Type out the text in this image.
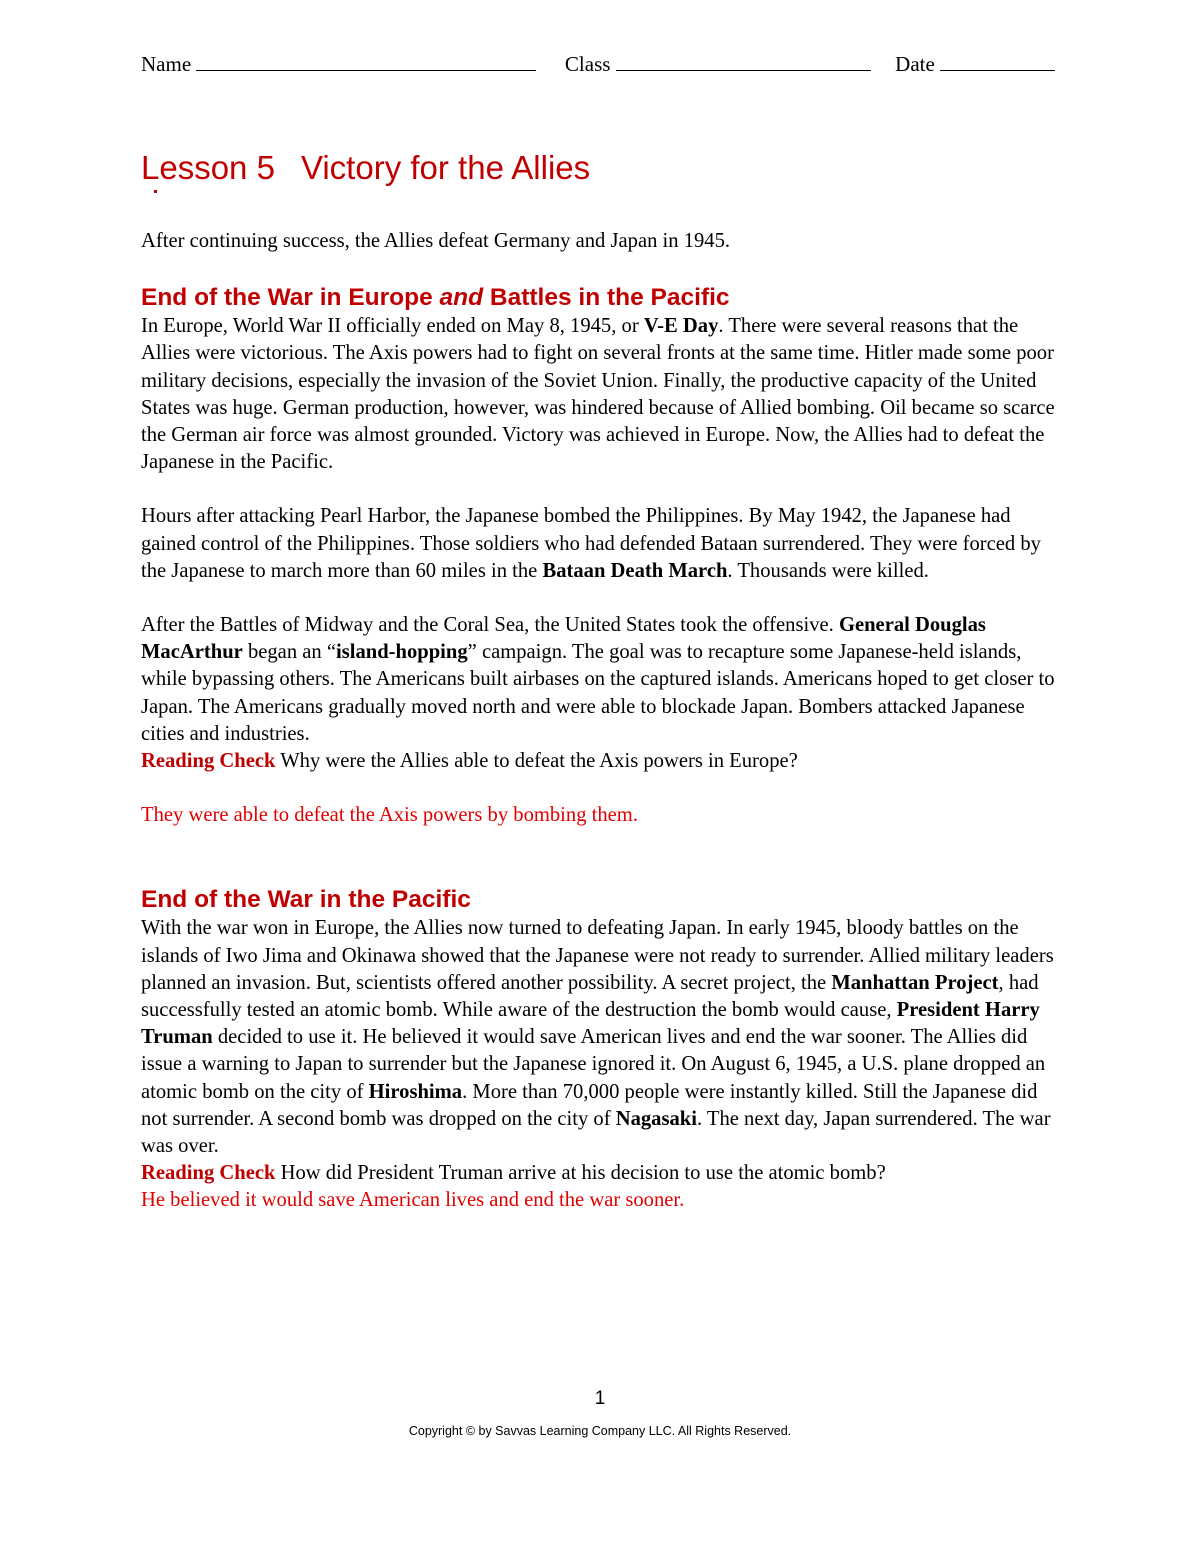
Name	Class	Date
Lesson 5 Victory for the Allies

After continuing success, the Allies defeat Germany and Japan in 1945.

End of the War in Europe and Battles in the Pacific

In Europe, World War II officially ended on May 8, 1945, or V-E Day. There were several reasons that the Allies were victorious. The Axis powers had to fight on several fronts at the same time. Hitler made some poor military decisions, especially the invasion of the Soviet Union. Finally, the productive capacity of the United States was huge. German production, however, was hindered because of Allied bombing. Oil became so scarce the German air force was almost grounded. Victory was achieved in Europe. Now, the Allies had to defeat the Japanese in the Pacific.

Hours after attacking Pearl Harbor, the Japanese bombed the Philippines. By May 1942, the Japanese had gained control of the Philippines. Those soldiers who had defended Bataan surrendered. They were forced by the Japanese to march more than 60 miles in the Bataan Death March. Thousands were killed.

After the Battles of Midway and the Coral Sea, the United States took the offensive. General Douglas MacArthur began an “island-hopping” campaign. The goal was to recapture some Japanese-held islands, while bypassing others. The Americans built airbases on the captured islands. Americans hoped to get closer to Japan. The Americans gradually moved north and were able to blockade Japan. Bombers attacked Japanese cities and industries.

Reading Check Why were the Allies able to defeat the Axis powers in Europe?

They were able to defeat the Axis powers by bombing them.

End of the War in the Pacific

With the war won in Europe, the Allies now turned to defeating Japan. In early 1945, bloody battles on the islands of Iwo Jima and Okinawa showed that the Japanese were not ready to surrender. Allied military leaders planned an invasion. But, scientists offered another possibility. A secret project, the Manhattan Project, had successfully tested an atomic bomb. While aware of the destruction the bomb would cause, President Harry Truman decided to use it. He believed it would save American lives and end the war sooner. The Allies did issue a warning to Japan to surrender but the Japanese ignored it. On August 6, 1945, a U.S. plane dropped an atomic bomb on the city of Hiroshima. More than 70,000 people were instantly killed. Still the Japanese did not surrender. A second bomb was dropped on the city of Nagasaki. The next day, Japan surrendered. The war was over.

Reading Check How did President Truman arrive at his decision to use the atomic bomb?

He believed it would save American lives and end the war sooner.

1
Copyright © by Savvas Learning Company LLC. All Rights Reserved.
